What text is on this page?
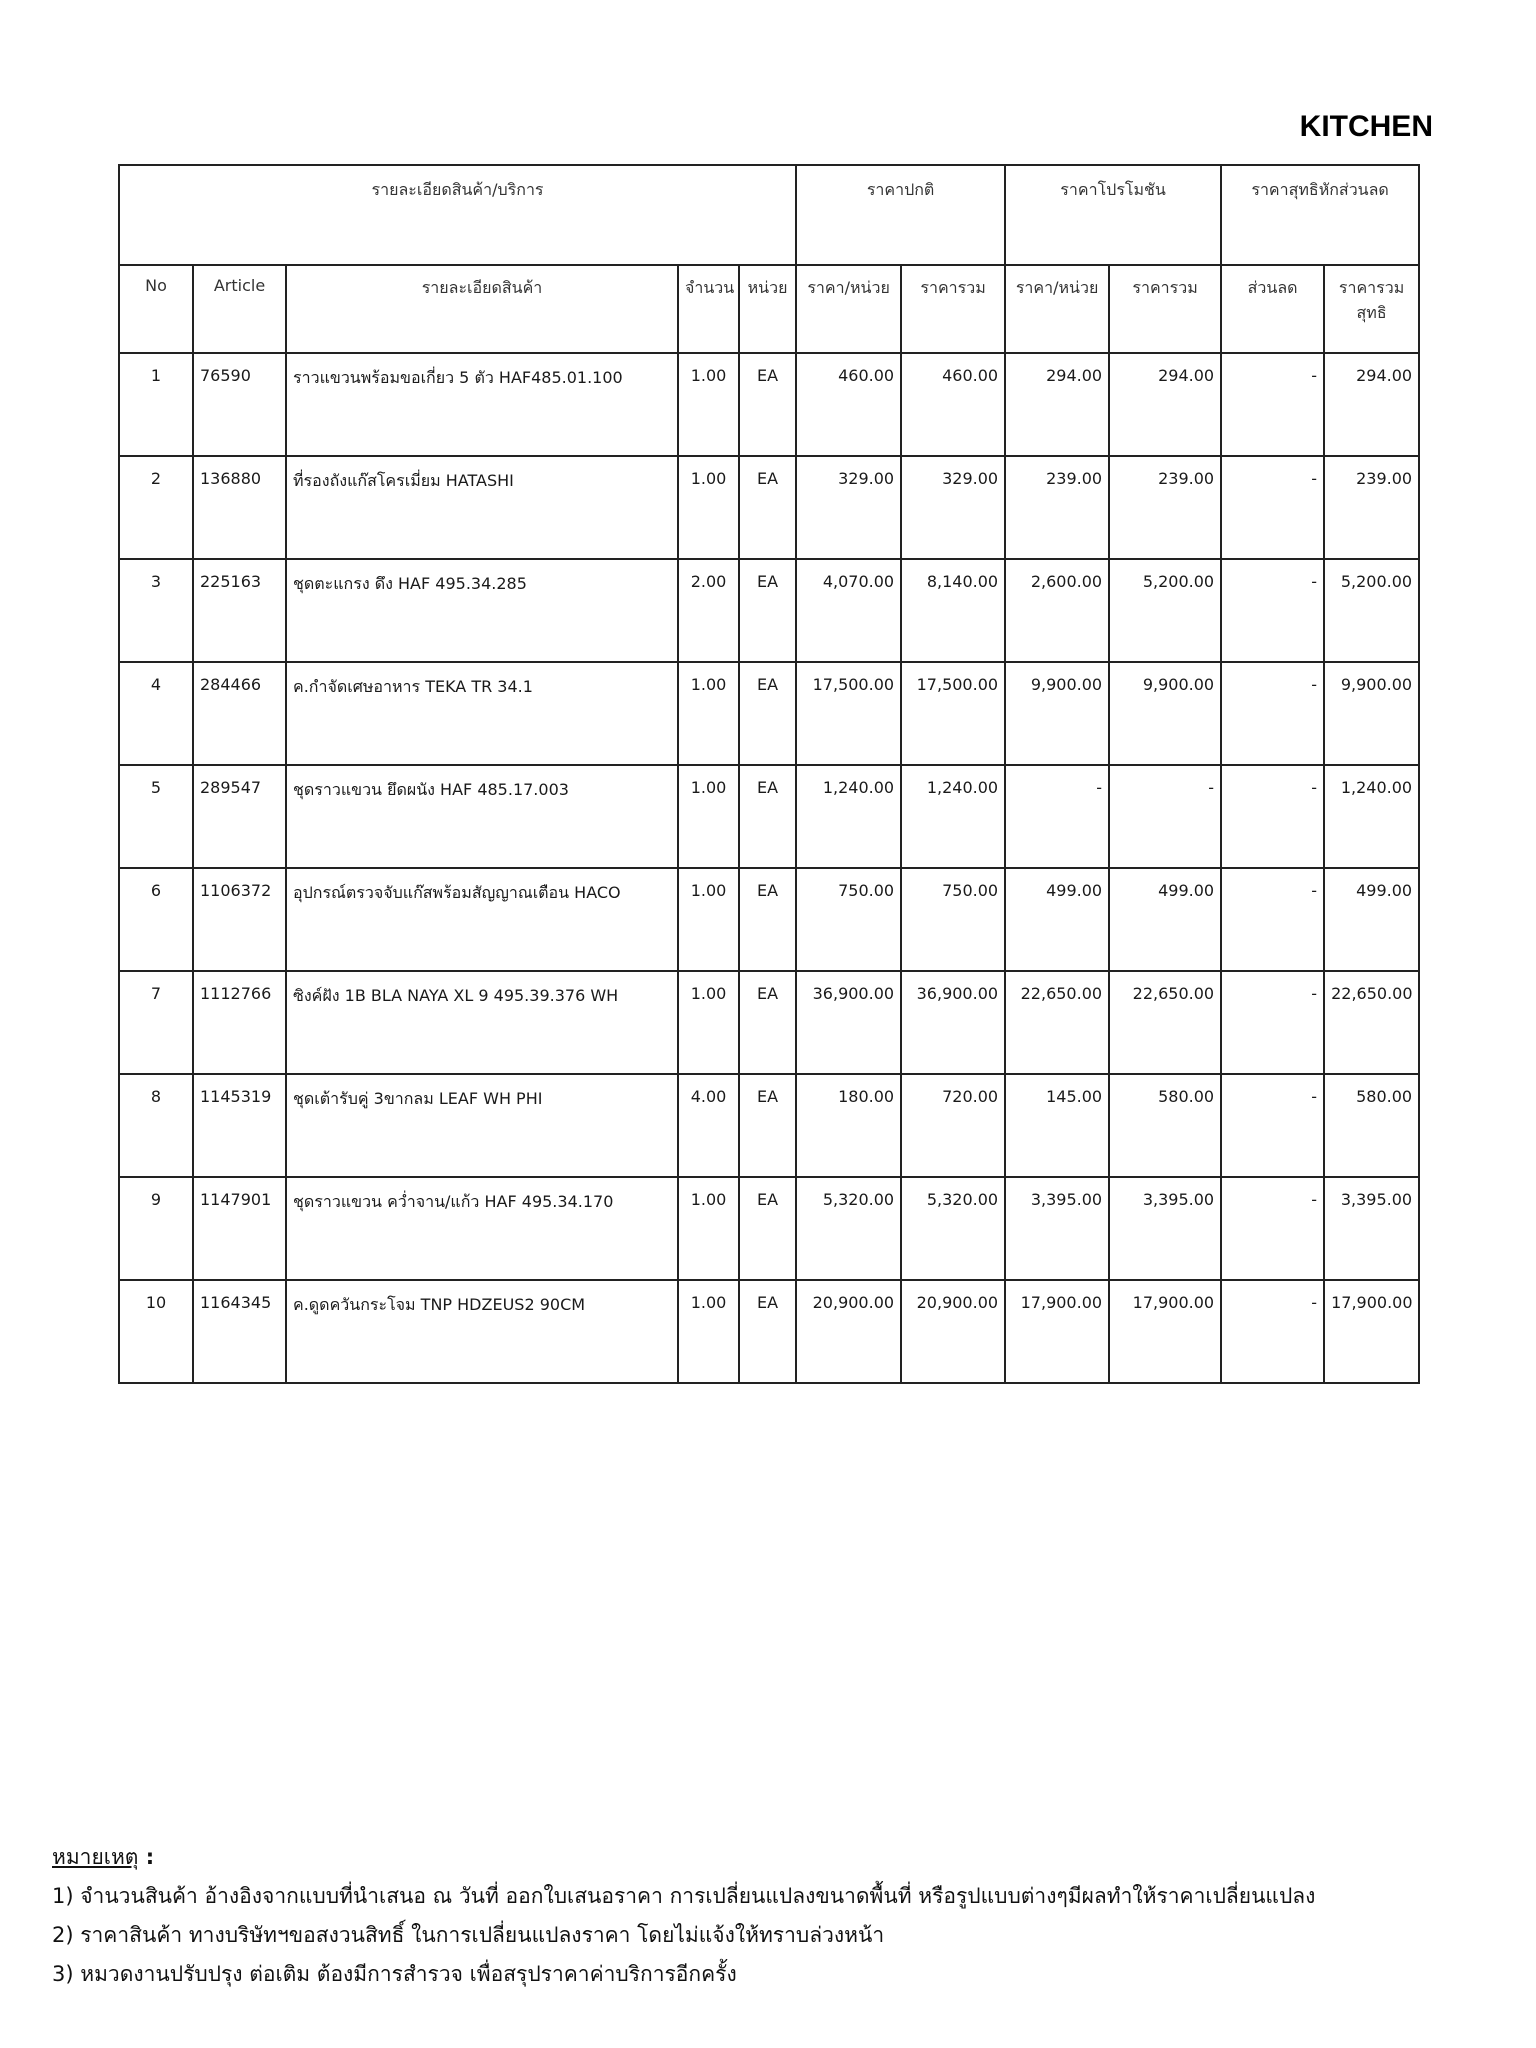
KITCHEN
รายละเอียดสินค้า/บริการ					ราคาปกติ		ราคาโปรโมชัน		ราคาสุทธิหักส่วนลด	
No	Article	รายละเอียดสินค้า	จำนวน	หน่วย	ราคา/หน่วย	ราคารวม	ราคา/หน่วย	ราคารวม	ส่วนลด	ราคารวมสุทธิ
1	76590	ราวแขวนพร้อมขอเกี่ยว 5 ตัว HAF485.01.100	1.00	EA	460.00	460.00	294.00	294.00	-	294.00
2	136880	ที่รองถังแก๊สโครเมี่ยม HATASHI	1.00	EA	329.00	329.00	239.00	239.00	-	239.00
3	225163	ชุดตะแกรง ดึง HAF 495.34.285	2.00	EA	4,070.00	8,140.00	2,600.00	5,200.00	-	5,200.00
4	284466	ค.กำจัดเศษอาหาร TEKA TR 34.1	1.00	EA	17,500.00	17,500.00	9,900.00	9,900.00	-	9,900.00
5	289547	ชุดราวแขวน ยึดผนัง HAF 485.17.003	1.00	EA	1,240.00	1,240.00	-	-	-	1,240.00
6	1106372	อุปกรณ์ตรวจจับแก๊สพร้อมสัญญาณเตือน HACO	1.00	EA	750.00	750.00	499.00	499.00	-	499.00
7	1112766	ซิงค์ฝัง 1B BLA NAYA XL 9 495.39.376 WH	1.00	EA	36,900.00	36,900.00	22,650.00	22,650.00	-	22,650.00
8	1145319	ชุดเต้ารับคู่ 3ขากลม LEAF WH PHI	4.00	EA	180.00	720.00	145.00	580.00	-	580.00
9	1147901	ชุดราวแขวน คว่ำจาน/แก้ว HAF 495.34.170	1.00	EA	5,320.00	5,320.00	3,395.00	3,395.00	-	3,395.00
10	1164345	ค.ดูดควันกระโจม TNP HDZEUS2 90CM	1.00	EA	20,900.00	20,900.00	17,900.00	17,900.00	-	17,900.00
หมายเหตุ :
1) จำนวนสินค้า อ้างอิงจากแบบที่นำเสนอ ณ วันที่ ออกใบเสนอราคา การเปลี่ยนแปลงขนาดพื้นที่ หรือรูปแบบต่างๆมีผลทำให้ราคาเปลี่ยนแปลง
2) ราคาสินค้า ทางบริษัทฯขอสงวนสิทธิ์ ในการเปลี่ยนแปลงราคา โดยไม่แจ้งให้ทราบล่วงหน้า
3) หมวดงานปรับปรุง ต่อเติม ต้องมีการสำรวจ เพื่อสรุปราคาค่าบริการอีกครั้ง
